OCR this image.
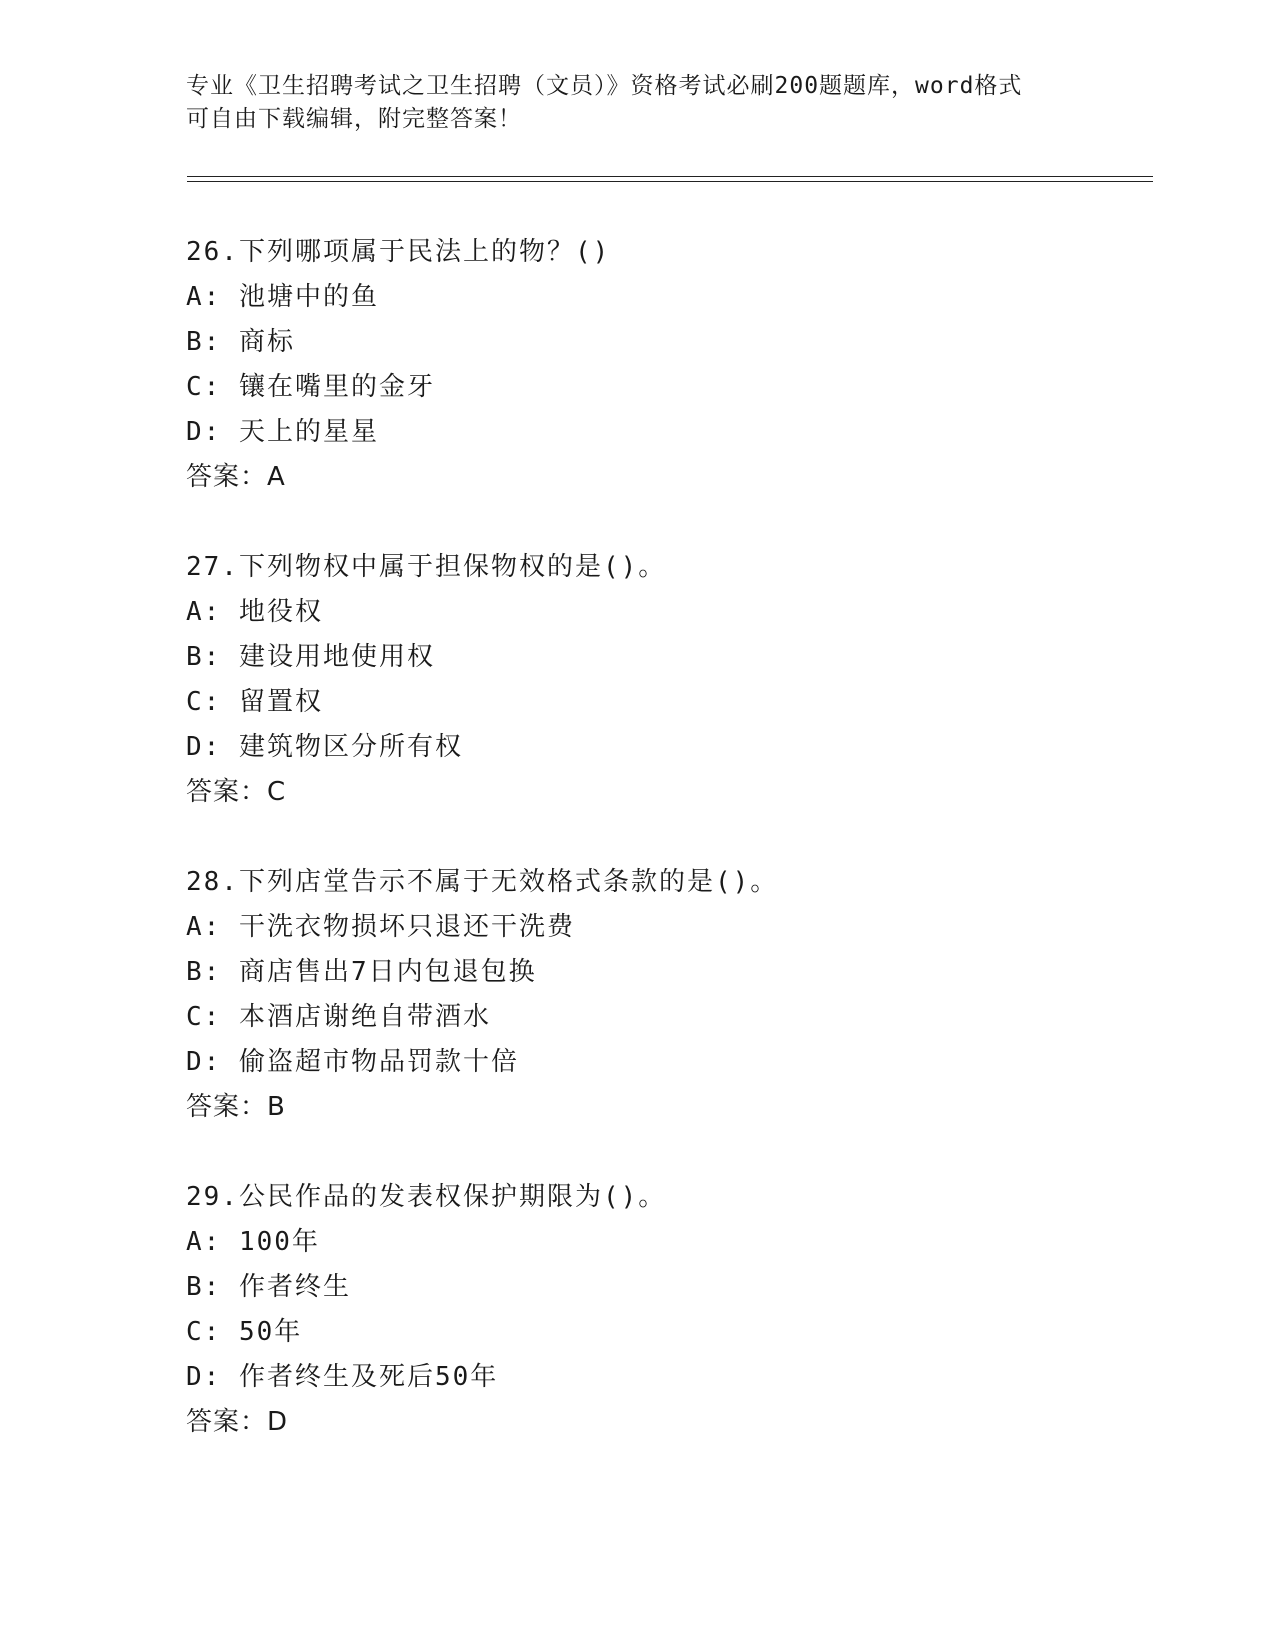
专业《卫生招聘考试之卫生招聘（文员）》资格考试必刷200题题库，word格式
可自由下载编辑，附完整答案！
26.下列哪项属于民法上的物？()
A: 池塘中的鱼
B: 商标
C: 镶在嘴里的金牙
D: 天上的星星
答案：A
27.下列物权中属于担保物权的是()。
A: 地役权
B: 建设用地使用权
C: 留置权
D: 建筑物区分所有权
答案：C
28.下列店堂告示不属于无效格式条款的是()。
A: 干洗衣物损坏只退还干洗费
B: 商店售出7日内包退包换
C: 本酒店谢绝自带酒水
D: 偷盗超市物品罚款十倍
答案：B
29.公民作品的发表权保护期限为()。
A: 100年
B: 作者终生
C: 50年
D: 作者终生及死后50年
答案：D
